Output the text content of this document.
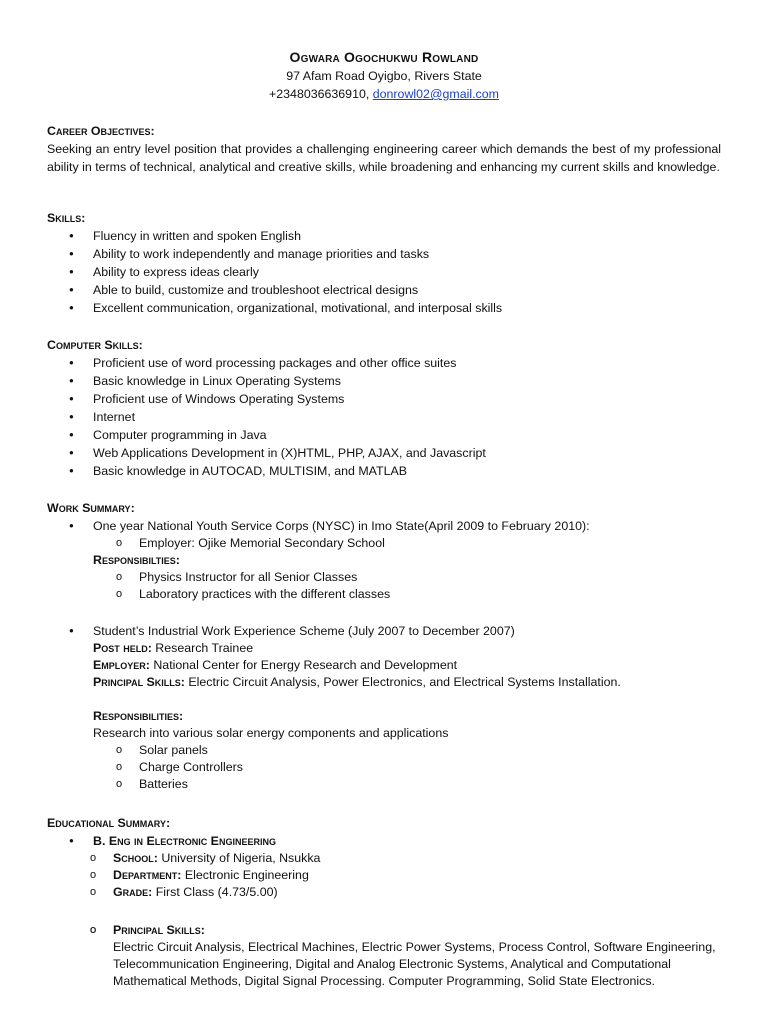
Ogwara Ogochukwu Rowland
97 Afam Road Oyigbo, Rivers State
+2348036636910, donrowl02@gmail.com
Career Objectives:
Seeking an entry level position that provides a challenging engineering career which demands the best of my professional ability in terms of technical, analytical and creative skills, while broadening and enhancing my current skills and knowledge.
Skills:
● Fluency in written and spoken English
● Ability to work independently and manage priorities and tasks
● Ability to express ideas clearly
● Able to build, customize and troubleshoot electrical designs
● Excellent communication, organizational, motivational, and interposal skills
Computer Skills:
● Proficient use of word processing packages and other office suites
● Basic knowledge in Linux Operating Systems
● Proficient use of Windows Operating Systems
● Internet
● Computer programming in Java
● Web Applications Development in (X)HTML, PHP, AJAX, and Javascript
● Basic knowledge in AUTOCAD, MULTISIM, and MATLAB
Work Summary:
● One year National Youth Service Corps (NYSC) in Imo State(April 2009 to February 2010):
o Employer: Ojike Memorial Secondary School
Responsibilties:
o Physics Instructor for all Senior Classes
o Laboratory practices with the different classes
● Student’s Industrial Work Experience Scheme (July 2007 to December 2007)
Post held: Research Trainee
Employer: National Center for Energy Research and Development
Principal Skills: Electric Circuit Analysis, Power Electronics, and Electrical Systems Installation.
Responsibilities:
Research into various solar energy components and applications
o Solar panels
o Charge Controllers
o Batteries
Educational Summary:
● B. Eng in Electronic Engineering
o School: University of Nigeria, Nsukka
o Department: Electronic Engineering
o Grade: First Class (4.73/5.00)
o Principal Skills:
Electric Circuit Analysis, Electrical Machines, Electric Power Systems, Process Control, Software Engineering, Telecommunication Engineering, Digital and Analog Electronic Systems, Analytical and Computational Mathematical Methods, Digital Signal Processing. Computer Programming, Solid State Electronics.
